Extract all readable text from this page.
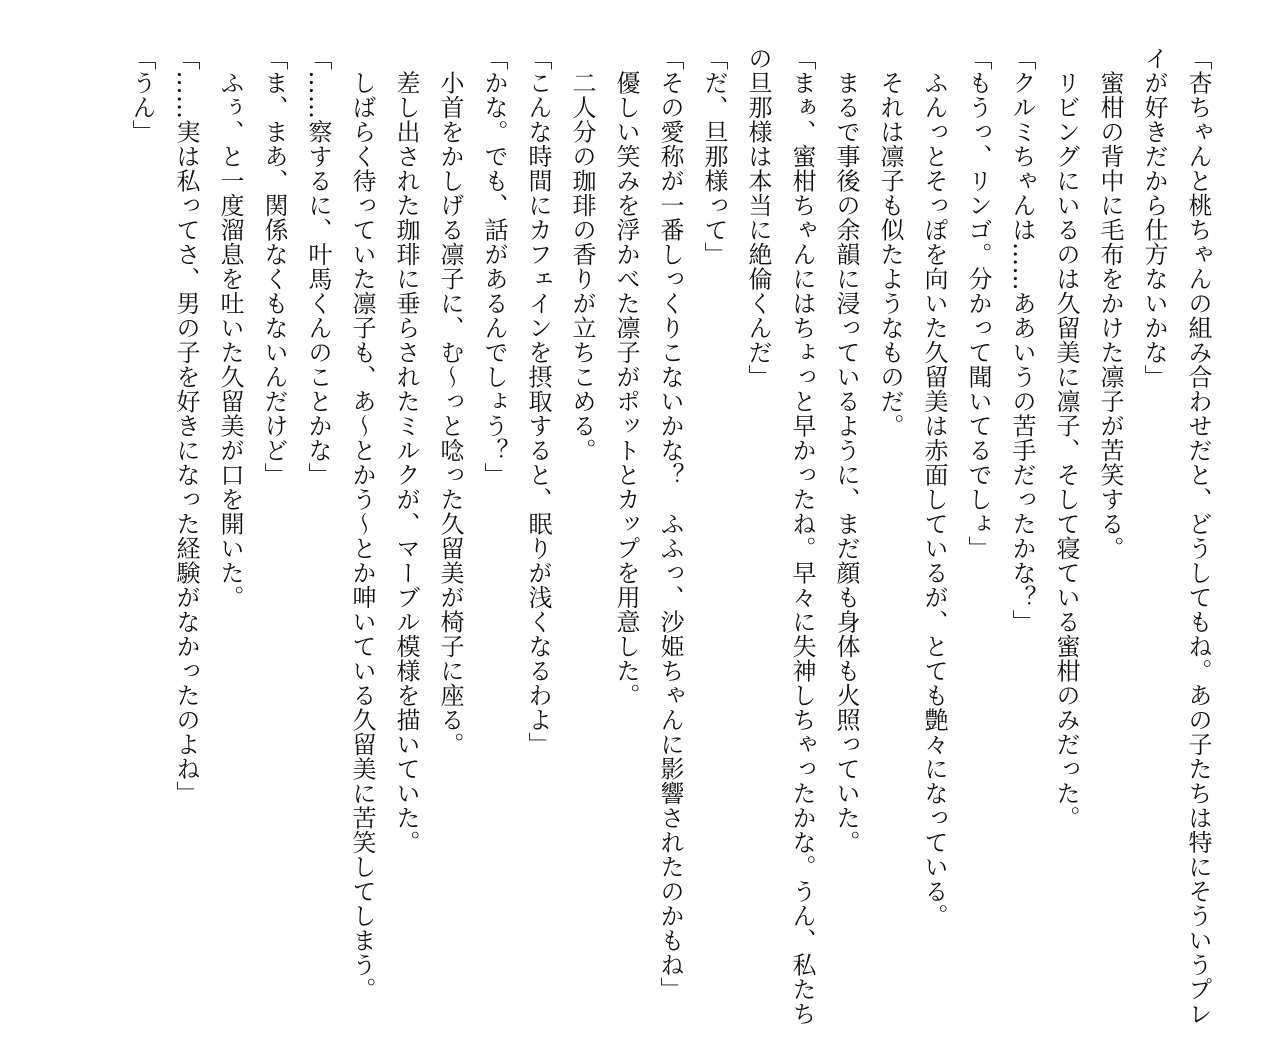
「杏ちゃんと桃ちゃんの組み合わせだと、どうしてもね。あの子たちは特にそういうプレイが好きだから仕方ないかな」

　蜜柑の背中に毛布をかけた凛子が苦笑する。

　リビングにいるのは久留美に凛子、そして寝ている蜜柑のみだった。

「クルミちゃんは……ああいうの苦手だったかな？」

「もうっ、リンゴ。分かって聞いてるでしょ」

　ふんっとそっぽを向いた久留美は赤面しているが、とても艶々になっている。

　それは凛子も似たようなものだ。

　まるで事後の余韻に浸っているように、まだ顔も身体も火照っていた。

「まぁ、蜜柑ちゃんにはちょっと早かったね。早々に失神しちゃったかな。うん、私たちの旦那様は本当に絶倫くんだ」

「だ、旦那様って」

「その愛称が一番しっくりこないかな？　ふふっ、沙姫ちゃんに影響されたのかもね」

　優しい笑みを浮かべた凛子がポットとカップを用意した。

　二人分の珈琲の香りが立ちこめる。

「こんな時間にカフェインを摂取すると、眠りが浅くなるわよ」

「かな。でも、話があるんでしょう？」

　小首をかしげる凛子に、む～っと唸った久留美が椅子に座る。

　差し出された珈琲に垂らされたミルクが、マーブル模様を描いていた。

　しばらく待っていた凛子も、あ～とかう～とか呻いている久留美に苦笑してしまう。

「……察するに、叶馬くんのことかな」

「ま、まあ、関係なくもないんだけど」

　ふぅ、と一度溜息を吐いた久留美が口を開いた。

「……実は私ってさ、男の子を好きになった経験がなかったのよね」

「うん」
